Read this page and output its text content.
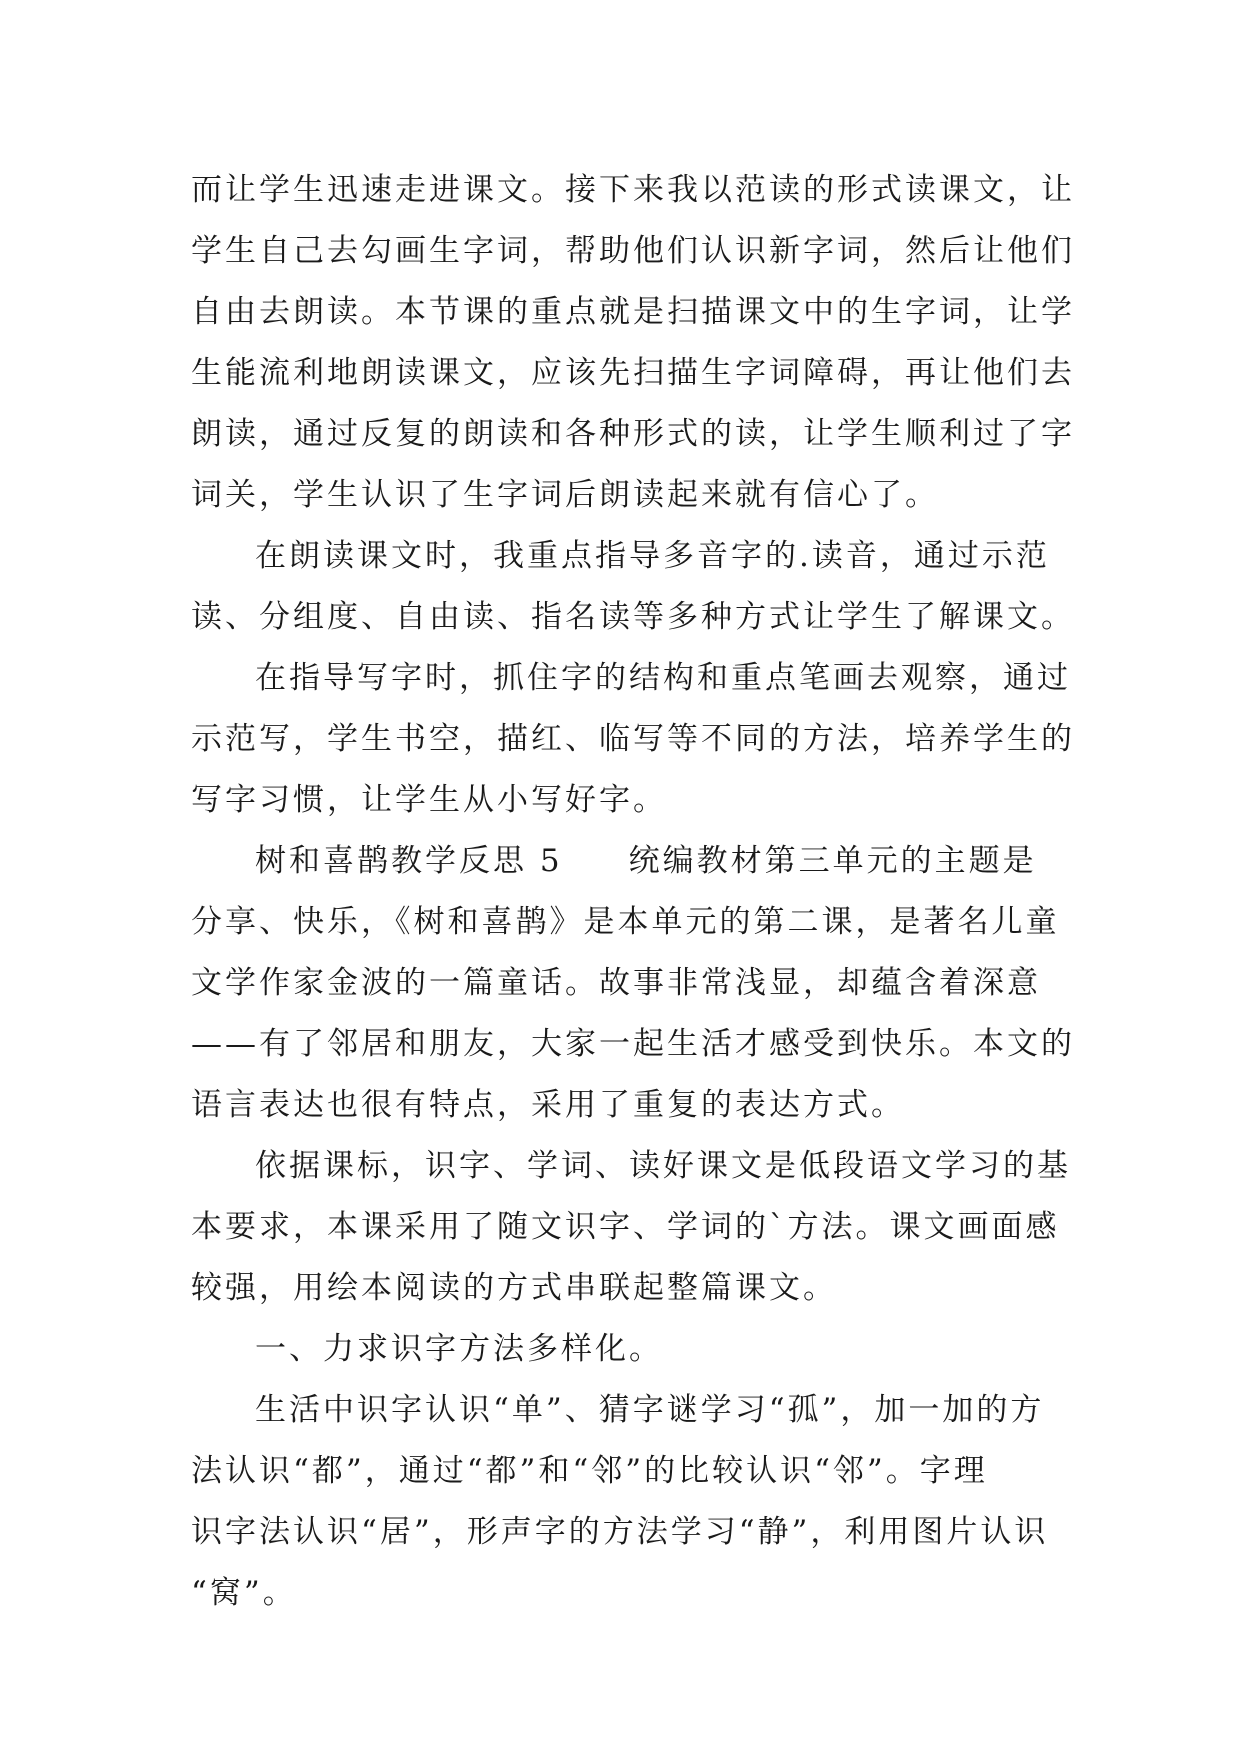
而让学生迅速走进课文。接下来我以范读的形式读课文，让
学生自己去勾画生字词，帮助他们认识新字词，然后让他们
自由去朗读。本节课的重点就是扫描课文中的生字词，让学
生能流利地朗读课文，应该先扫描生字词障碍，再让他们去
朗读，通过反复的朗读和各种形式的读，让学生顺利过了字
词关，学生认识了生字词后朗读起来就有信心了。
在朗读课文时，我重点指导多音字的.读音，通过示范
读、分组度、自由读、指名读等多种方式让学生了解课文。
在指导写字时，抓住字的结构和重点笔画去观察，通过
示范写，学生书空，描红、临写等不同的方法，培养学生的
写字习惯，让学生从小写好字。
树和喜鹊教学反思 5 统编教材第三单元的主题是
分享、快乐，《树和喜鹊》是本单元的第二课，是著名儿童
文学作家金波的一篇童话。故事非常浅显，却蕴含着深意
——有了邻居和朋友，大家一起生活才感受到快乐。本文的
语言表达也很有特点，采用了重复的表达方式。
依据课标，识字、学词、读好课文是低段语文学习的基
本要求，本课采用了随文识字、学词的`方法。课文画面感
较强，用绘本阅读的方式串联起整篇课文。
一、力求识字方法多样化。
生活中识字认识“单”、猜字谜学习“孤”，加一加的方
法认识“都”，通过“都”和“邻”的比较认识“邻”。字理
识字法认识“居”，形声字的方法学习“静”，利用图片认识
“窝”。
